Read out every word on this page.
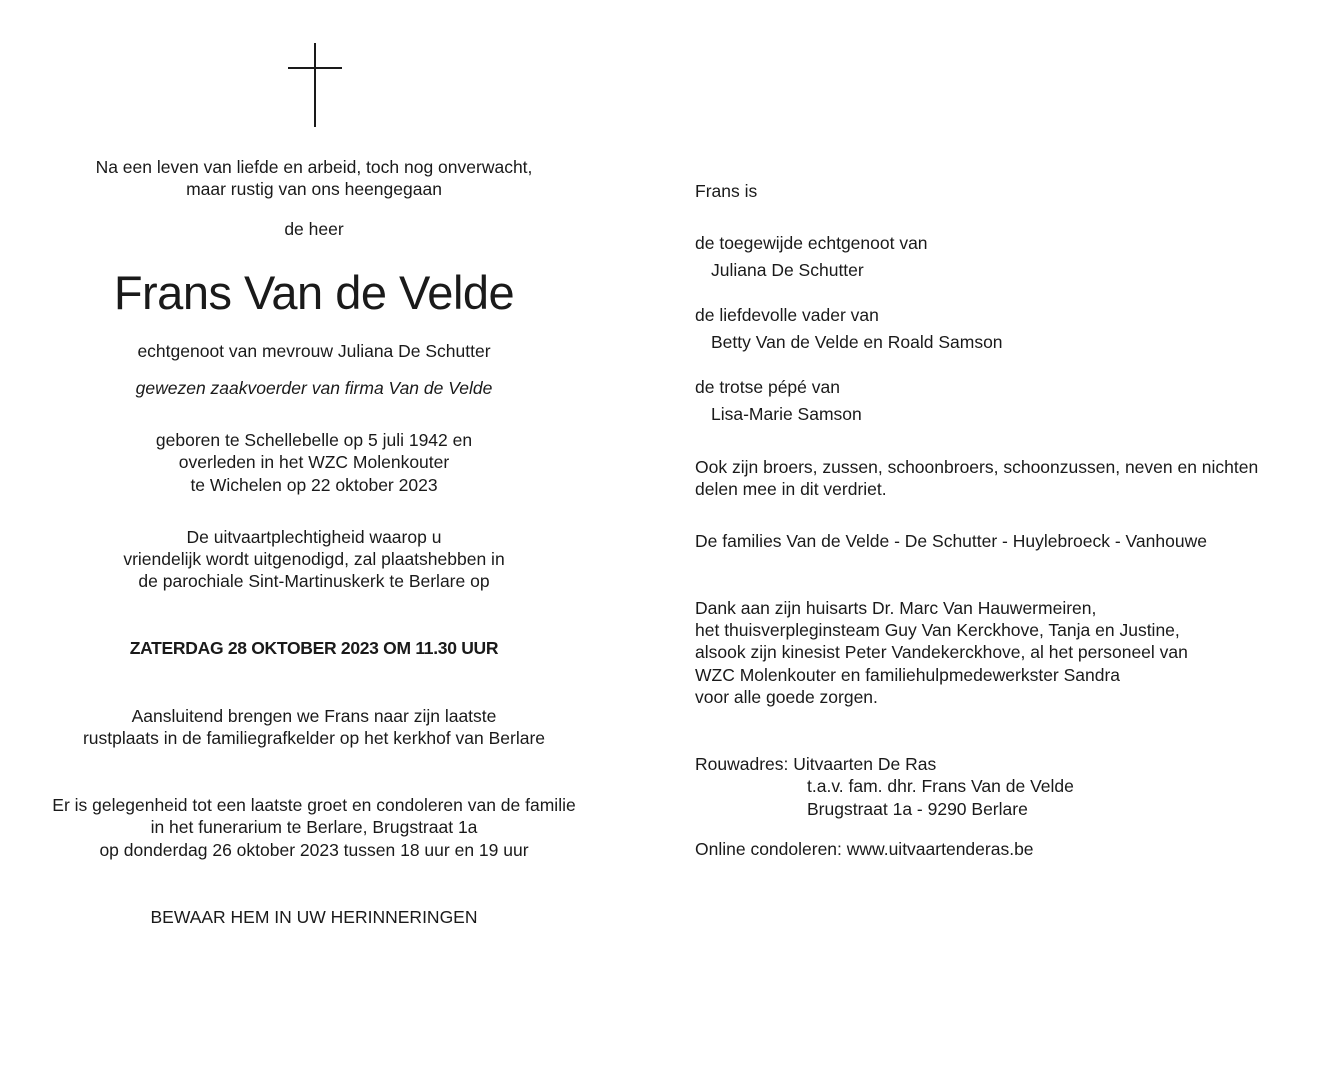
Na een leven van liefde en arbeid, toch nog onverwacht,
maar rustig van ons heengegaan
de heer
Frans Van de Velde
echtgenoot van mevrouw Juliana De Schutter
gewezen zaakvoerder van firma Van de Velde
geboren te Schellebelle op 5 juli 1942 en
overleden in het WZC Molenkouter
te Wichelen op 22 oktober 2023
De uitvaartplechtigheid waarop u
vriendelijk wordt uitgenodigd, zal plaatshebben in
de parochiale Sint-Martinuskerk te Berlare op
ZATERDAG 28 OKTOBER 2023 OM 11.30 UUR
Aansluitend brengen we Frans naar zijn laatste
rustplaats in de familiegrafkelder op het kerkhof van Berlare
Er is gelegenheid tot een laatste groet en condoleren van de familie
in het funerarium te Berlare, Brugstraat 1a
op donderdag 26 oktober 2023 tussen 18 uur en 19 uur
BEWAAR HEM IN UW HERINNERINGEN
Frans is
de toegewijde echtgenoot van
Juliana De Schutter
de liefdevolle vader van
Betty Van de Velde en Roald Samson
de trotse pépé van
Lisa-Marie Samson
Ook zijn broers, zussen, schoonbroers, schoonzussen, neven en nichten
delen mee in dit verdriet.
De families Van de Velde - De Schutter - Huylebroeck - Vanhouwe
Dank aan zijn huisarts Dr. Marc Van Hauwermeiren,
het thuisverpleginsteam Guy Van Kerckhove, Tanja en Justine,
alsook zijn kinesist Peter Vandekerckhove, al het personeel van
WZC Molenkouter en familiehulpmedewerkster Sandra
voor alle goede zorgen.
Rouwadres: Uitvaarten De Ras
t.a.v. fam. dhr. Frans Van de Velde
Brugstraat 1a - 9290 Berlare
Online condoleren: www.uitvaartenderas.be
